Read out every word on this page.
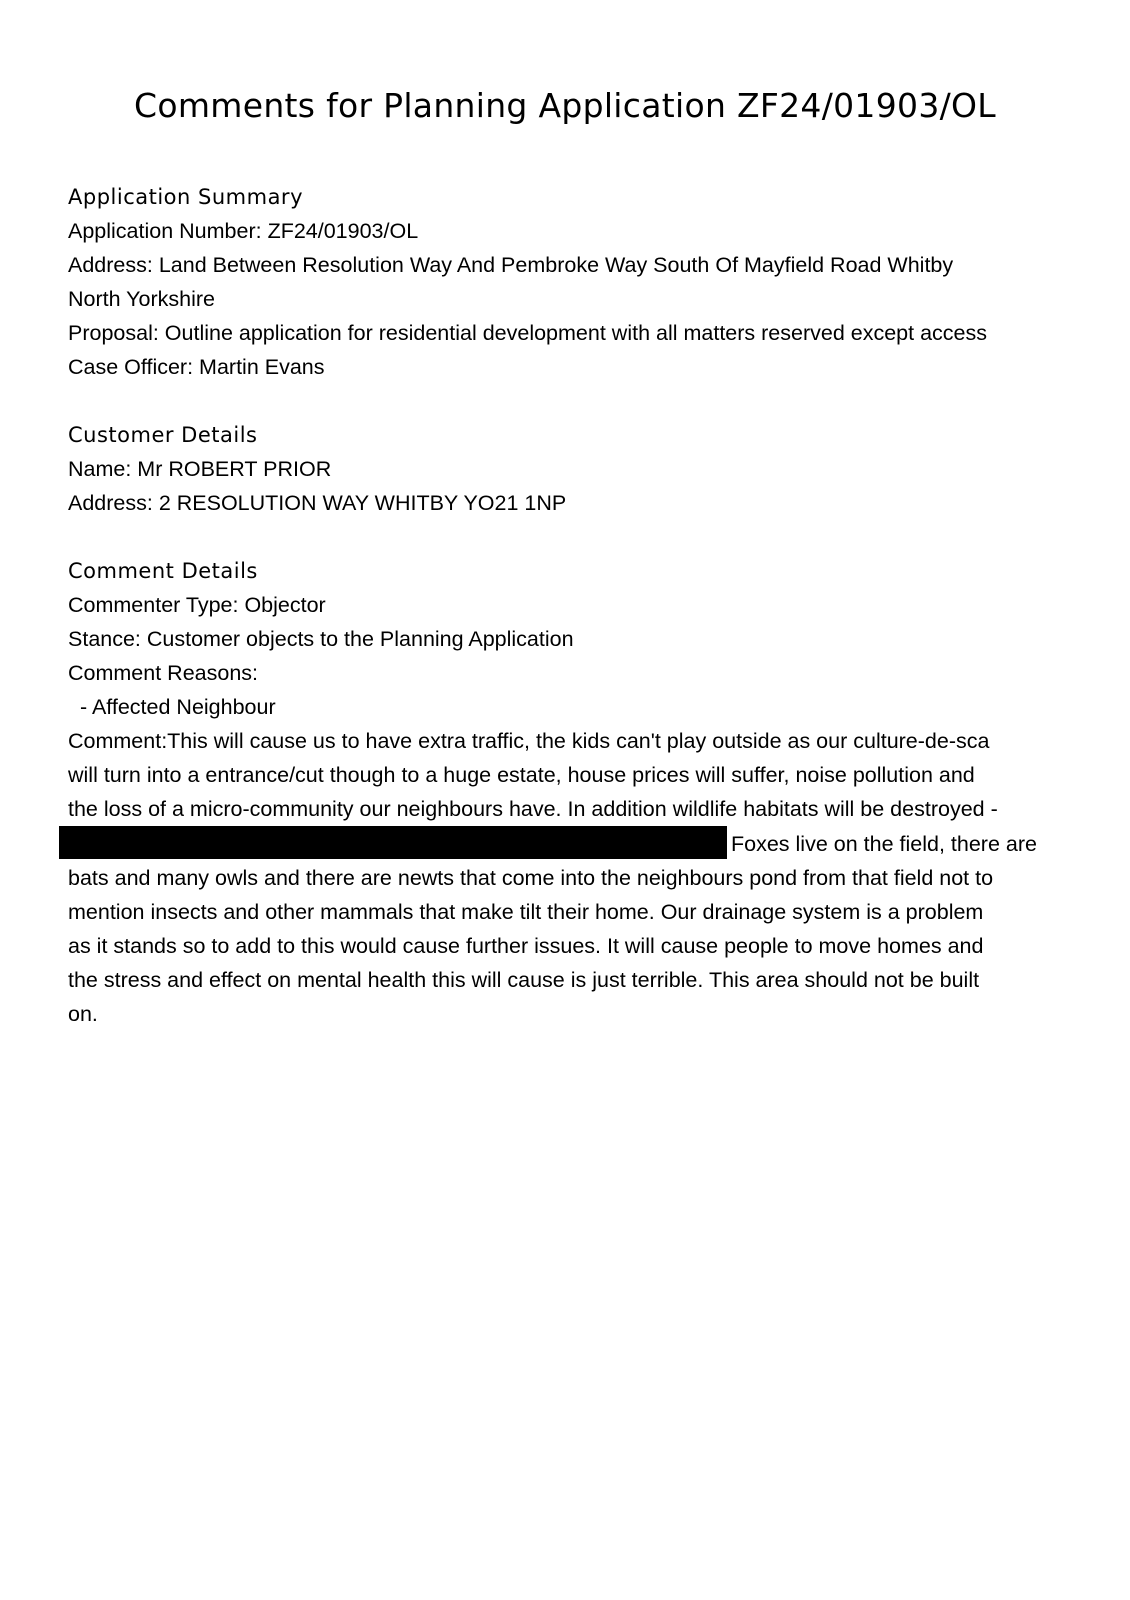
Comments for Planning Application ZF24/01903/OL
Application Summary
Application Number: ZF24/01903/OL
Address: Land Between Resolution Way And Pembroke Way South Of Mayfield Road Whitby
North Yorkshire
Proposal: Outline application for residential development with all matters reserved except access
Case Officer: Martin Evans
Customer Details
Name: Mr ROBERT PRIOR
Address: 2 RESOLUTION WAY WHITBY YO21 1NP
Comment Details
Commenter Type: Objector
Stance: Customer objects to the Planning Application
Comment Reasons:
- Affected Neighbour
Comment:This will cause us to have extra traffic, the kids can't play outside as our culture-de-sca
will turn into a entrance/cut though to a huge estate, house prices will suffer, noise pollution and
the loss of a micro-community our neighbours have. In addition wildlife habitats will be destroyed -
Foxes live on the field, there are
bats and many owls and there are newts that come into the neighbours pond from that field not to
mention insects and other mammals that make tilt their home. Our drainage system is a problem
as it stands so to add to this would cause further issues. It will cause people to move homes and
the stress and effect on mental health this will cause is just terrible. This area should not be built
on.
